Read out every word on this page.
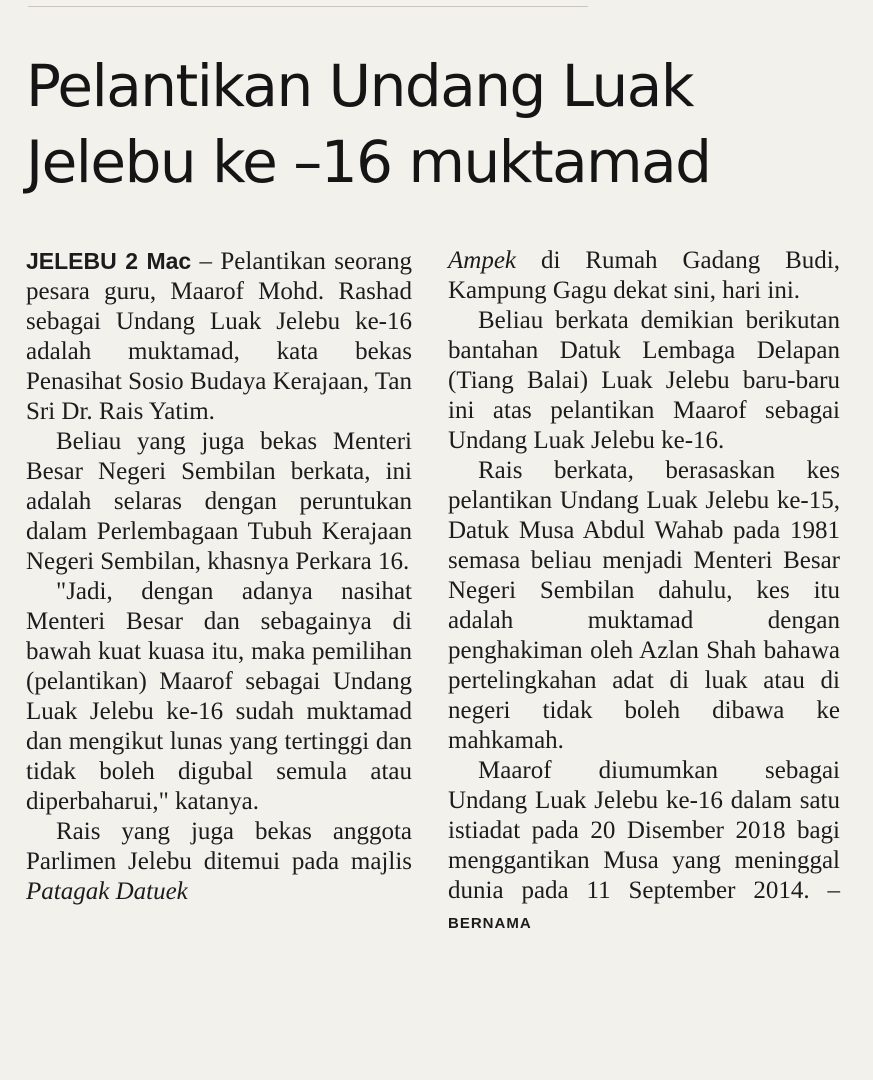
Pelantikan Undang Luak
Jelebu ke –16 muktamad

JELEBU 2 Mac – Pelantikan seorang pesara guru, Maarof Mohd. Rashad sebagai Undang Luak Jelebu ke-16 adalah muktamad, kata bekas Penasihat Sosio Budaya Kerajaan, Tan Sri Dr. Rais Yatim.

Beliau yang juga bekas Menteri Besar Negeri Sembilan berkata, ini adalah selaras dengan peruntukan dalam Perlembagaan Tubuh Kerajaan Negeri Sembilan, khasnya Perkara 16.

"Jadi, dengan adanya nasihat Menteri Besar dan sebagainya di bawah kuat kuasa itu, maka pemilihan (pelantikan) Maarof sebagai Undang Luak Jelebu ke-16 sudah muktamad dan mengikut lunas yang tertinggi dan tidak boleh digubal semula atau diperbaharui," katanya.

Rais yang juga bekas anggota Parlimen Jelebu ditemui pada majlis Patagak Datuek

Ampek di Rumah Gadang Budi, Kampung Gagu dekat sini, hari ini.

Beliau berkata demikian berikutan bantahan Datuk Lembaga Delapan (Tiang Balai) Luak Jelebu baru-baru ini atas pelantikan Maarof sebagai Undang Luak Jelebu ke-16.

Rais berkata, berasaskan kes pelantikan Undang Luak Jelebu ke-15, Datuk Musa Abdul Wahab pada 1981 semasa beliau menjadi Menteri Besar Negeri Sembilan dahulu, kes itu adalah muktamad dengan penghakiman oleh Azlan Shah bahawa pertelingkahan adat di luak atau di negeri tidak boleh dibawa ke mahkamah.

Maarof diumumkan sebagai Undang Luak Jelebu ke-16 dalam satu istiadat pada 20 Disember 2018 bagi menggantikan Musa yang meninggal dunia pada 11 September 2014. – BERNAMA
